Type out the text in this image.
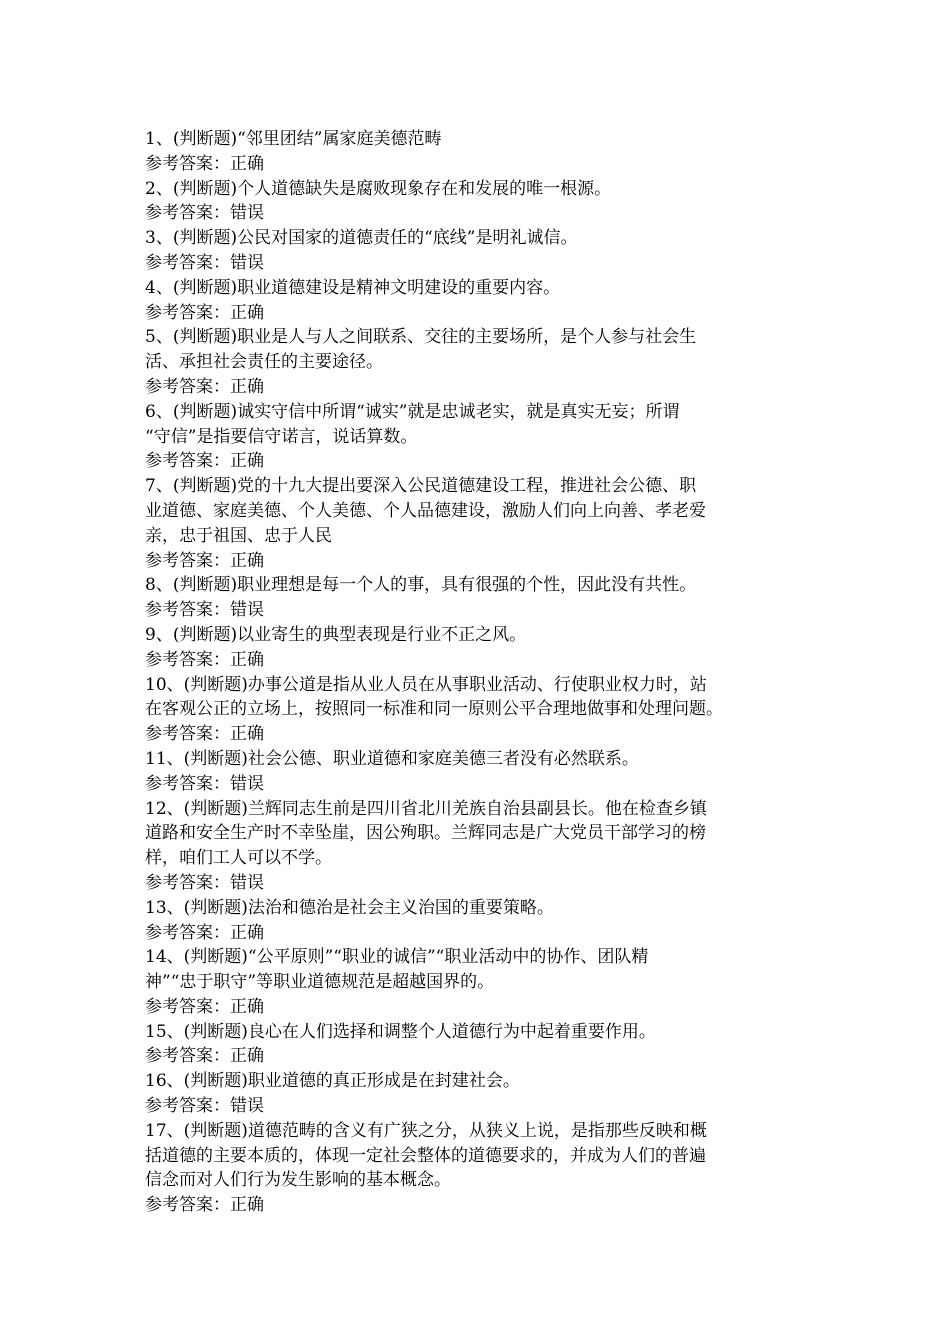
1、(判断题)“邻里团结”属家庭美德范畴
参考答案：正确
2、(判断题)个人道德缺失是腐败现象存在和发展的唯一根源。
参考答案：错误
3、(判断题)公民对国家的道德责任的“底线”是明礼诚信。
参考答案：错误
4、(判断题)职业道德建设是精神文明建设的重要内容。
参考答案：正确
5、(判断题)职业是人与人之间联系、交往的主要场所，是个人参与社会生
活、承担社会责任的主要途径。
参考答案：正确
6、(判断题)诚实守信中所谓“诚实”就是忠诚老实，就是真实无妄；所谓
“守信”是指要信守诺言，说话算数。
参考答案：正确
7、(判断题)党的十九大提出要深入公民道德建设工程，推进社会公德、职
业道德、家庭美德、个人美德、个人品德建设，激励人们向上向善、孝老爱
亲，忠于祖国、忠于人民
参考答案：正确
8、(判断题)职业理想是每一个人的事，具有很强的个性，因此没有共性。
参考答案：错误
9、(判断题)以业寄生的典型表现是行业不正之风。
参考答案：正确
10、(判断题)办事公道是指从业人员在从事职业活动、行使职业权力时，站
在客观公正的立场上，按照同一标准和同一原则公平合理地做事和处理问题。
参考答案：正确
11、(判断题)社会公德、职业道德和家庭美德三者没有必然联系。
参考答案：错误
12、(判断题)兰辉同志生前是四川省北川羌族自治县副县长。他在检查乡镇
道路和安全生产时不幸坠崖，因公殉职。兰辉同志是广大党员干部学习的榜
样，咱们工人可以不学。
参考答案：错误
13、(判断题)法治和德治是社会主义治国的重要策略。
参考答案：正确
14、(判断题)“公平原则”“职业的诚信”“职业活动中的协作、团队精
神”“忠于职守”等职业道德规范是超越国界的。
参考答案：正确
15、(判断题)良心在人们选择和调整个人道德行为中起着重要作用。
参考答案：正确
16、(判断题)职业道德的真正形成是在封建社会。
参考答案：错误
17、(判断题)道德范畴的含义有广狭之分，从狭义上说，是指那些反映和概
括道德的主要本质的，体现一定社会整体的道德要求的，并成为人们的普遍
信念而对人们行为发生影响的基本概念。
参考答案：正确
